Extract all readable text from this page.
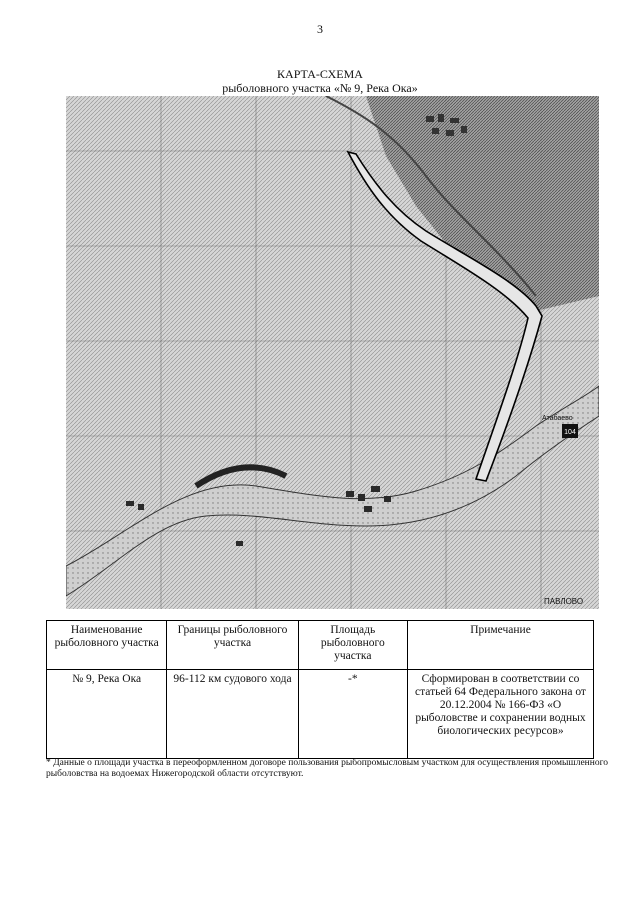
3
КАРТА-СХЕМА
рыболовного участка «№ 9, Река Ока»
104
Атабаево
ПАВЛОВО
Наименование рыболовного участка	Границы рыболовного участка	Площадь рыболовного участка	Примечание
№ 9, Река Ока	96-112 км судового хода	-*	Сформирован в соответствии со статьей 64 Федерального закона от 20.12.2004 № 166-ФЗ «О рыболовстве и сохранении водных биологических ресурсов»
* Данные о площади участка в переоформленном договоре пользования рыбопромысловым участком для осуществления промышленного рыболовства на водоемах Нижегородской области отсутствуют.
